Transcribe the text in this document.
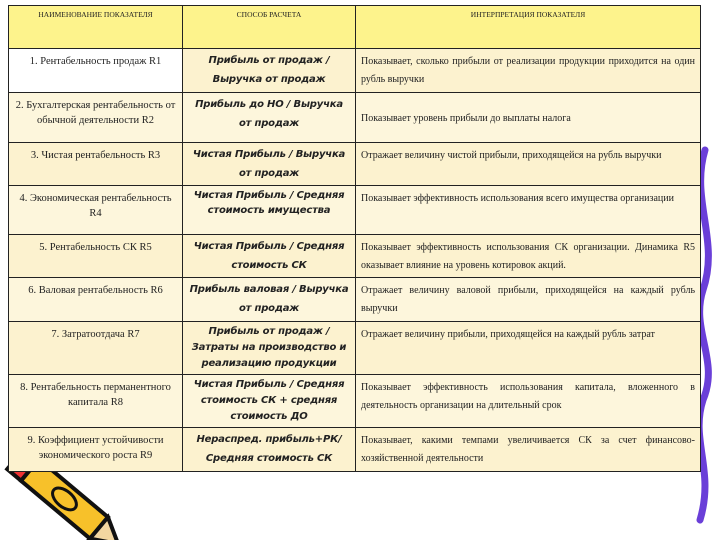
НАИМЕНОВАНИЕ ПОКАЗАТЕЛЯ	СПОСОБ РАСЧЕТА	ИНТЕРПРЕТАЦИЯ ПОКАЗАТЕЛЯ
1. Рентабельность продаж R1	Прибыль от продаж / Выручка от продаж	Показывает, сколько прибыли от реализации продукции приходится на один рубль выручки
2. Бухгалтерская рентабельность от обычной деятельности R2	Прибыль до НО / Выручка от продаж	Показывает уровень прибыли до выплаты налога
3. Чистая рентабельность R3	Чистая Прибыль / Выручка от продаж	Отражает величину чистой прибыли, приходящейся на рубль выручки
4. Экономическая рентабельность R4	Чистая Прибыль / Средняя стоимость имущества	Показывает эффективность использования всего имущества организации
5. Рентабельность СК R5	Чистая Прибыль / Средняя стоимость СК	Показывает эффективность использования СК организации. Динамика R5 оказывает влияние на уровень котировок акций.
6. Валовая рентабельность R6	Прибыль валовая / Выручка от продаж	Отражает величину валовой прибыли, приходящейся на каждый рубль выручки
7. Затратоотдача R7	Прибыль от продаж / Затраты на производство и реализацию продукции	Отражает величину прибыли, приходящейся на каждый рубль затрат
8. Рентабельность перманентного капитала R8	Чистая Прибыль / Средняя стоимость СК + средняя стоимость ДО	Показывает эффективность использования капитала, вложенного в деятельность организации на длительный срок
9. Коэффициент устойчивости экономического роста R9	Нераспред. прибыль+РК/ Средняя стоимость СК	Показывает, какими темпами увеличивается СК за счет финансово-хозяйственной деятельности
